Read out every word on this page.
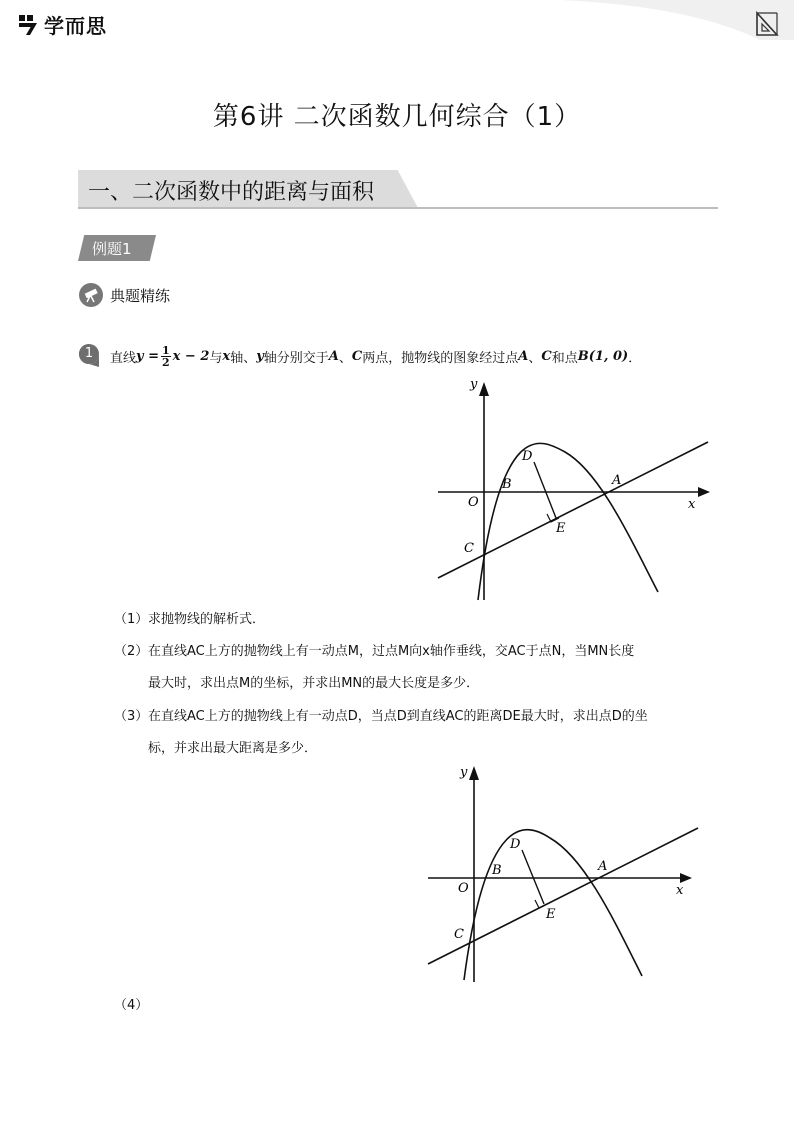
学而思
第6讲 二次函数几何综合（1）
一、二次函数中的距离与面积
例题1
典题精练
1	直线 $y = \frac{1}{2}$ x − 2 与 x 轴、 y 轴分别交于 A 、 C 两点，抛物线的图象经过点 A 、 C 和点 B(1, 0) ．
y
x
O
A
B
C
D
E
（1）求抛物线的解析式．
（2）在直线AC上方的抛物线上有一动点M，过点M向x轴作垂线，交AC于点N，当MN长度
最大时，求出点M的坐标，并求出MN的最大长度是多少．
（3）在直线AC上方的抛物线上有一动点D，当点D到直线AC的距离DE最大时，求出点D的坐
标，并求出最大距离是多少．
y
x
O
A
B
C
D
E
（4）
